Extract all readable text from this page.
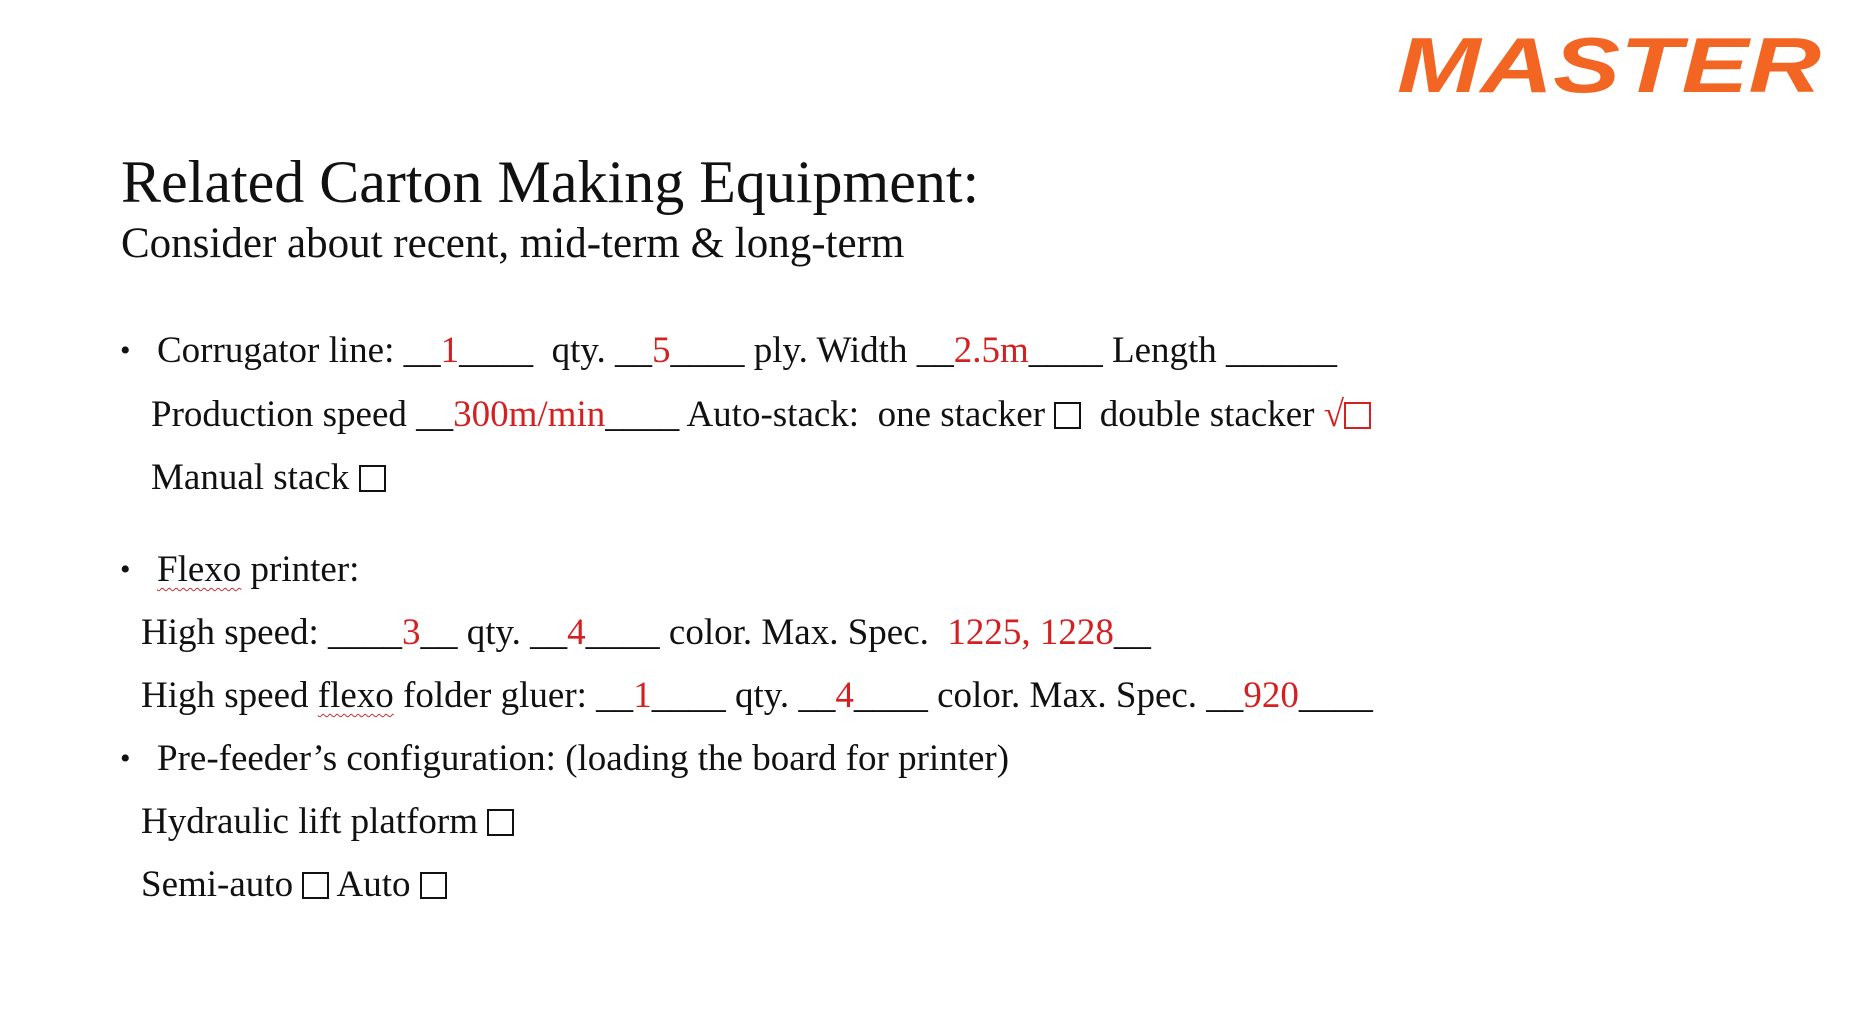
MASTER
Related Carton Making Equipment:
Consider about recent, mid-term & long-term
• Corrugator line: __1____  qty. __5____ ply. Width __2.5m____ Length ______
Production speed __300m/min____ Auto-stack:  one stacker   double stacker √
Manual stack
• Flexo printer:
High speed: ____3__ qty. __4____ color. Max. Spec.  1225, 1228__
High speed flexo folder gluer: __1____ qty. __4____ color. Max. Spec. __920____
• Pre-feeder’s configuration: (loading the board for printer)
Hydraulic lift platform
Semi-auto  Auto
